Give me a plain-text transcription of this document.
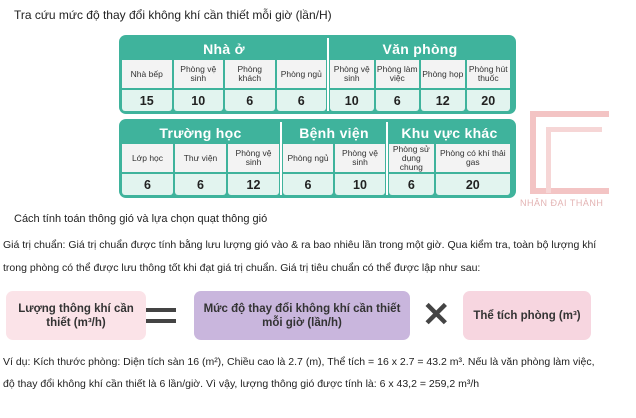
Tra cứu mức độ thay đổi không khí cần thiết mỗi giờ (lần/H)
Nhà ở
Nhà bếp
15
Phòng vệ sinh
10
Phòng khách
6
Phòng ngủ
6
Văn phòng
Phòng vệ sinh
10
Phòng làm việc
6
Phòng họp
12
Phòng hút thuốc
20
Trường học
Lớp học
6
Thư viện
6
Phòng vệ sinh
12
Bệnh viện
Phòng ngủ
6
Phòng vệ sinh
10
Khu vực khác
Phòng sử dụng chung
6
Phòng có khí thải gas
20
NHÂN ĐẠI THÀNH
Cách tính toán thông gió và lựa chọn quạt thông gió
Giá trị chuẩn: Giá trị chuẩn được tính bằng lưu lượng gió vào & ra bao nhiêu lần trong một giờ. Qua kiểm tra, toàn bộ lượng khí
trong phòng có thể được lưu thông tốt khi đạt giá trị chuẩn. Giá trị tiêu chuẩn có thể được lập như sau:
Lượng thông khí cần thiết (m³/h)
Mức độ thay đổi không khí cần thiết mỗi giờ (lần/h)	✕	Thể tích phòng (m³)
Ví dụ: Kích thước phòng: Diện tích sàn 16 (m²), Chiều cao là 2.7 (m), Thể tích = 16 x 2.7 = 43.2 m³. Nếu là văn phòng làm việc,
độ thay đổi không khí cần thiết là 6 lần/giờ. Vì vậy, lượng thông gió được tính là: 6 x 43,2 = 259,2 m³/h
